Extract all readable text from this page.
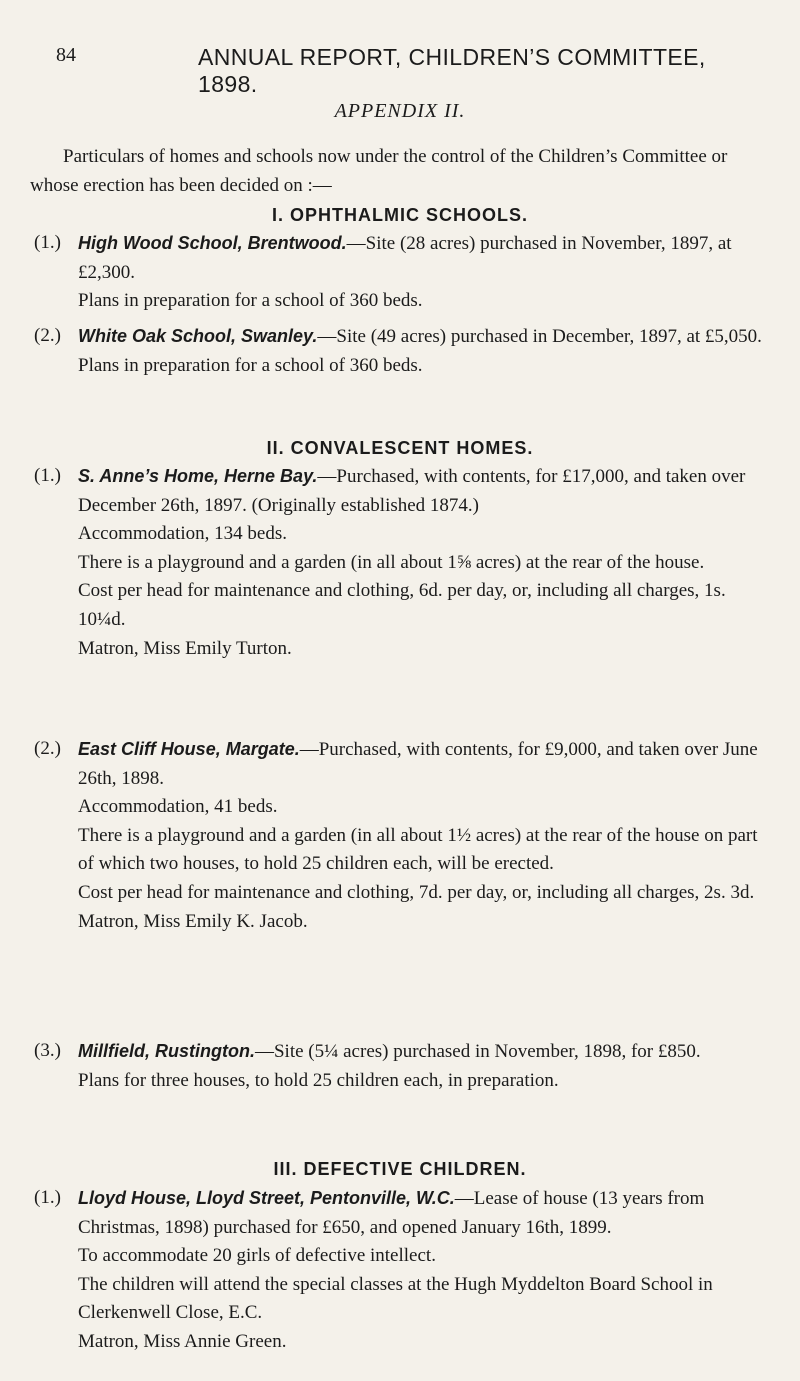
84	ANNUAL REPORT, CHILDREN’S COMMITTEE, 1898.
APPENDIX II.
Particulars of homes and schools now under the control of the Children’s Committee or whose erection has been decided on :—
I. OPHTHALMIC SCHOOLS.
(1.) High Wood School, Brentwood.—Site (28 acres) purchased in November, 1897, at £2,300.
Plans in preparation for a school of 360 beds.
(2.) White Oak School, Swanley.—Site (49 acres) purchased in December, 1897, at £5,050.
Plans in preparation for a school of 360 beds.
II. CONVALESCENT HOMES.
(1.) S. Anne’s Home, Herne Bay.—Purchased, with contents, for £17,000, and taken over December 26th, 1897. (Originally established 1874.)
Accommodation, 134 beds.
There is a playground and a garden (in all about 1⅝ acres) at the rear of the house.
Cost per head for maintenance and clothing, 6d. per day, or, including all charges, 1s. 10¼d.
Matron, Miss Emily Turton.
(2.) East Cliff House, Margate.—Purchased, with contents, for £9,000, and taken over June 26th, 1898.
Accommodation, 41 beds.
There is a playground and a garden (in all about 1½ acres) at the rear of the house on part of which two houses, to hold 25 children each, will be erected.
Cost per head for maintenance and clothing, 7d. per day, or, including all charges, 2s. 3d.
Matron, Miss Emily K. Jacob.
(3.) Millfield, Rustington.—Site (5¼ acres) purchased in November, 1898, for £850.
Plans for three houses, to hold 25 children each, in preparation.
III. DEFECTIVE CHILDREN.
(1.) Lloyd House, Lloyd Street, Pentonville, W.C.—Lease of house (13 years from Christmas, 1898) purchased for £650, and opened January 16th, 1899.
To accommodate 20 girls of defective intellect.
The children will attend the special classes at the Hugh Myddelton Board School in Clerkenwell Close, E.C.
Matron, Miss Annie Green.
